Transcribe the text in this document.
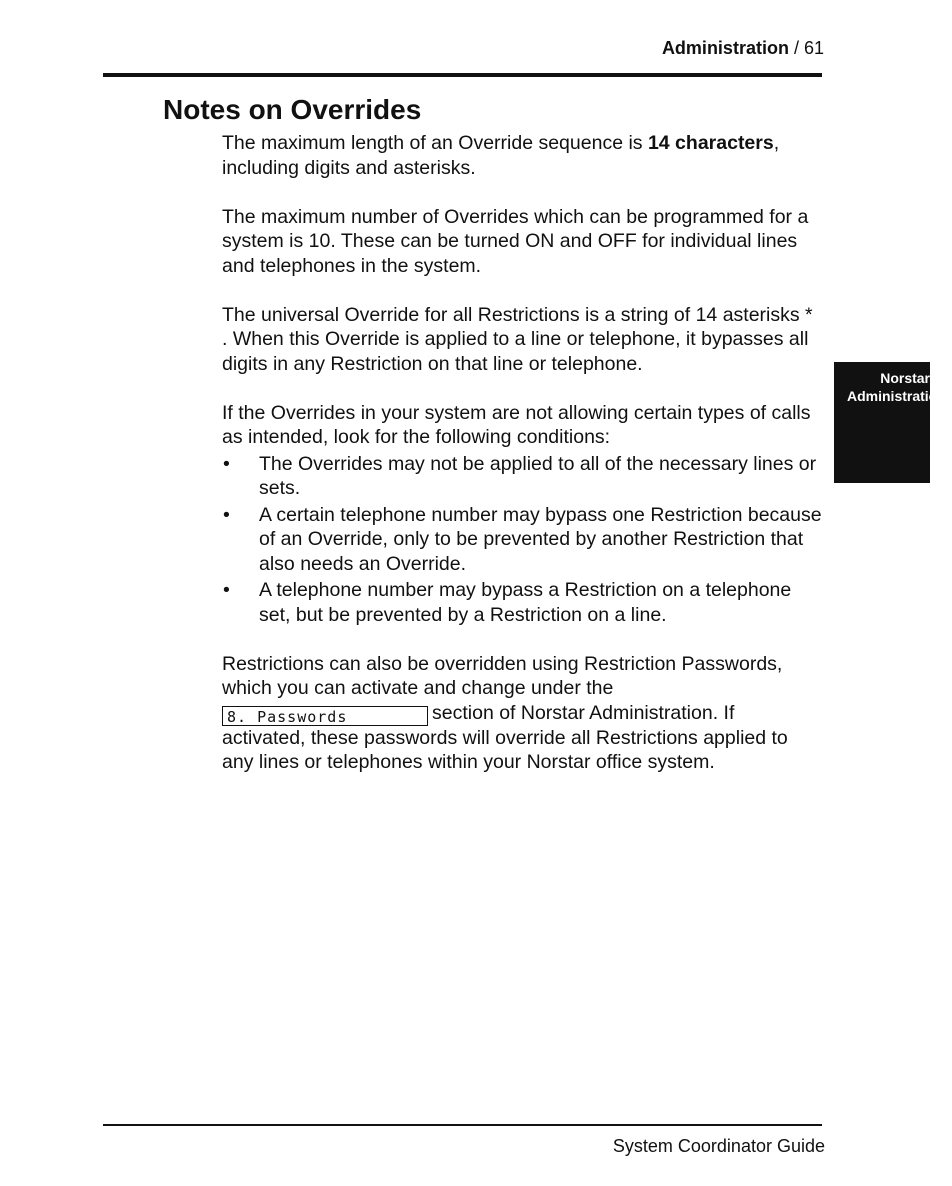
Administration / 61
Notes on Overrides

The maximum length of an Override sequence is 14 characters, including digits and asterisks.

The maximum number of Overrides which can be programmed for a system is 10. These can be turned ON and OFF for individual lines and telephones in the system.

The universal Override for all Restrictions is a string of 14 asterisks * . When this Override is applied to a line or telephone, it bypasses all digits in any Restriction on that line or telephone.

If the Overrides in your system are not allowing certain types of calls as intended, look for the following conditions:

• The Overrides may not be applied to all of the necessary lines or sets.
• A certain telephone number may bypass one Restriction because of an Override, only to be prevented by another Restriction that also needs an Override.
• A telephone number may bypass a Restriction on a telephone set, but be prevented by a Restriction on a line.

Restrictions can also be overridden using Restriction Passwords, which you can activate and change under the
8. Passwords	section of Norstar Administration. If activated, these passwords will override all Restrictions applied to any lines or telephones within your Norstar office system.

Norstar
Administration
System Coordinator Guide
